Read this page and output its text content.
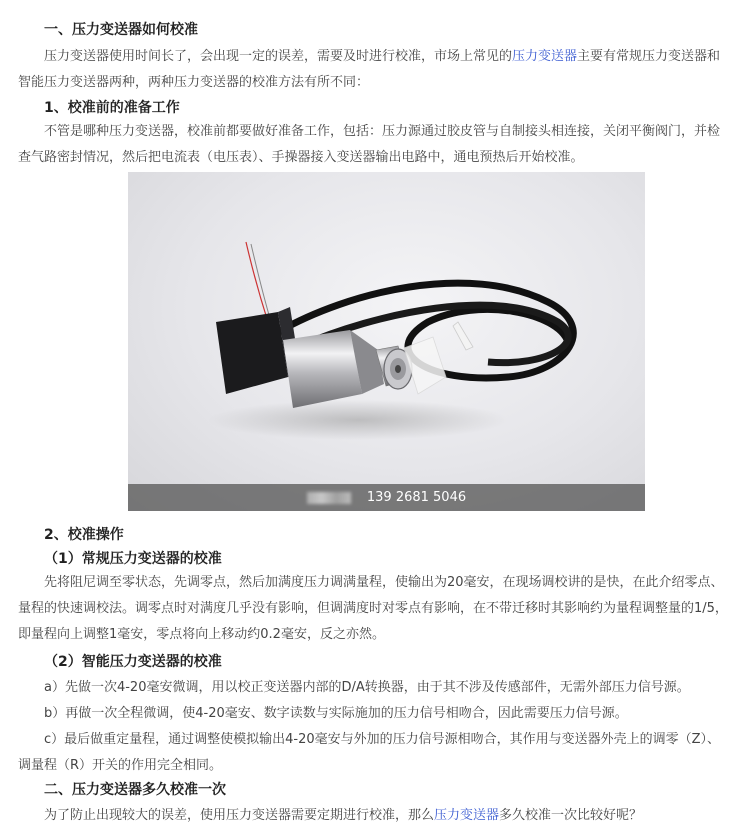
一、压力变送器如何校准

压力变送器使用时间长了，会出现一定的误差，需要及时进行校准，市场上常见的压力变送器主要有常规压力变送器和智能压力变送器两种，两种压力变送器的校准方法有所不同：

1、校准前的准备工作

不管是哪种压力变送器，校准前都要做好准备工作，包括：压力源通过胶皮管与自制接头相连接，关闭平衡阀门，并检查气路密封情况，然后把电流表（电压表）、手操器接入变送器输出电路中，通电预热后开始校准。

139 2681 5046
2、校准操作
（1）常规压力变送器的校准

先将阻尼调至零状态，先调零点，然后加满度压力调满量程，使输出为20毫安，在现场调校讲的是快，在此介绍零点、量程的快速调校法。调零点时对满度几乎没有影响，但调满度时对零点有影响，在不带迁移时其影响约为量程调整量的1/5，即量程向上调整1毫安，零点将向上移动约0.2毫安，反之亦然。

（2）智能压力变送器的校准

a）先做一次4-20毫安微调，用以校正变送器内部的D/A转换器，由于其不涉及传感部件，无需外部压力信号源。

b）再做一次全程微调，使4-20毫安、数字读数与实际施加的压力信号相吻合，因此需要压力信号源。

c）最后做重定量程，通过调整使模拟输出4-20毫安与外加的压力信号源相吻合，其作用与变送器外壳上的调零（Z）、调量程（R）开关的作用完全相同。

二、压力变送器多久校准一次

为了防止出现较大的误差，使用压力变送器需要定期进行校准，那么压力变送器多久校准一次比较好呢？
